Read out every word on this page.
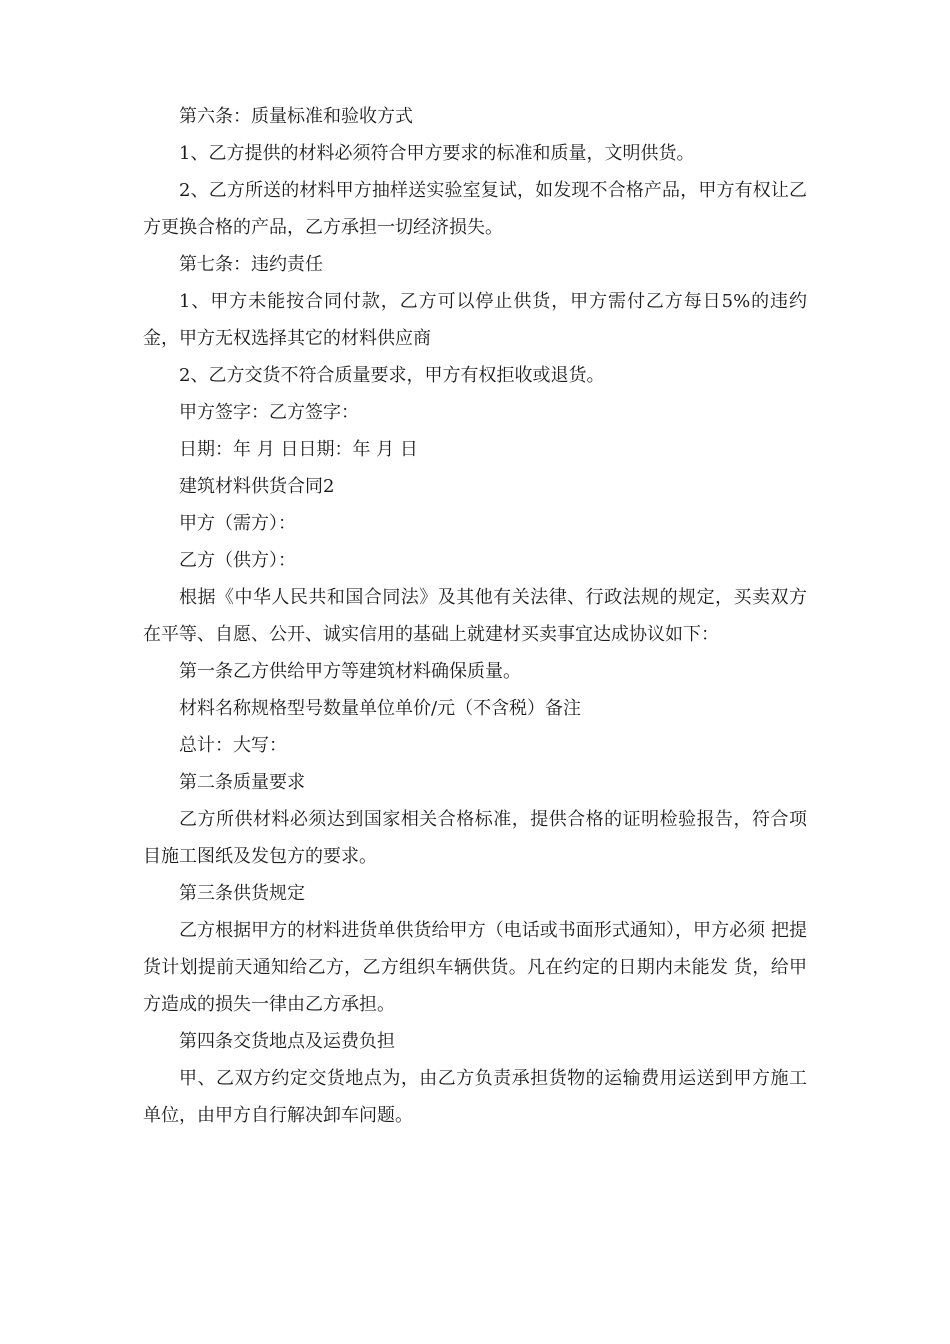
第六条：质量标准和验收方式

1、乙方提供的材料必须符合甲方要求的标准和质量，文明供货。

2、乙方所送的材料甲方抽样送实验室复试，如发现不合格产品，甲方有权让乙方更换合格的产品，乙方承担一切经济损失。

第七条：违约责任

1、甲方未能按合同付款，乙方可以停止供货，甲方需付乙方每日5%的违约金，甲方无权选择其它的材料供应商

2、乙方交货不符合质量要求，甲方有权拒收或退货。

甲方签字：乙方签字：

日期：年 月 日日期：年 月 日

建筑材料供货合同2

甲方（需方）：

乙方（供方）：

根据《中华人民共和国合同法》及其他有关法律、行政法规的规定，买卖双方在平等、自愿、公开、诚实信用的基础上就建材买卖事宜达成协议如下：

第一条乙方供给甲方等建筑材料确保质量。

材料名称规格型号数量单位单价/元（不含税）备注

总计：大写：

第二条质量要求

乙方所供材料必须达到国家相关合格标准，提供合格的证明检验报告，符合项目施工图纸及发包方的要求。

第三条供货规定

乙方根据甲方的材料进货单供货给甲方（电话或书面形式通知），甲方必须 把提货计划提前天通知给乙方，乙方组织车辆供货。凡在约定的日期内未能发 货，给甲方造成的损失一律由乙方承担。

第四条交货地点及运费负担

甲、乙双方约定交货地点为，由乙方负责承担货物的运输费用运送到甲方施工单位，由甲方自行解决卸车问题。
